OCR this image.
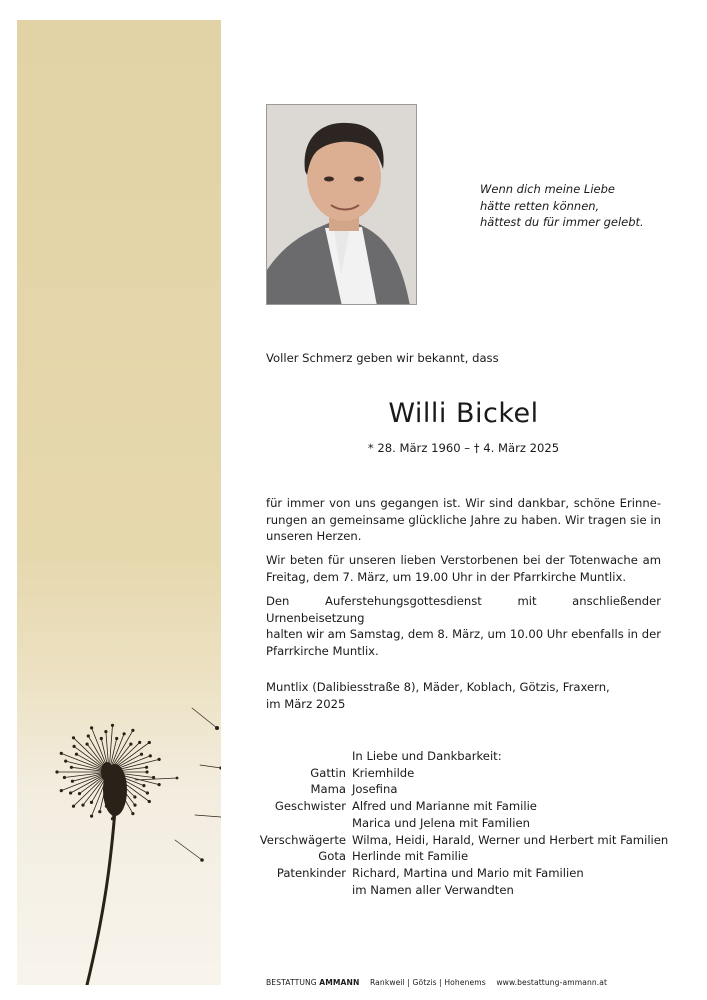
Wenn dich meine Liebe
hätte retten können,
hättest du für immer gelebt.
Voller Schmerz geben wir bekannt, dass
Willi Bickel
* 28. März 1960 – † 4. März 2025
für immer von uns gegangen ist. Wir sind dankbar, schöne Erinne-
rungen an gemeinsame glückliche Jahre zu haben. Wir tragen sie in
unseren Herzen.
Wir beten für unseren lieben Verstorbenen bei der Totenwache am
Freitag, dem 7. März, um 19.00 Uhr in der Pfarrkirche Muntlix.
Den Auferstehungsgottesdienst mit anschließender Urnenbeisetzung
halten wir am Samstag, dem 8. März, um 10.00 Uhr ebenfalls in der
Pfarrkirche Muntlix.
Muntlix (Dalibiesstraße 8), Mäder, Koblach, Götzis, Fraxern,
im März 2025
In Liebe und Dankbarkeit:
Gattin Kriemhilde
Mama Josefina
Geschwister Alfred und Marianne mit Familie
Marica und Jelena mit Familien
Verschwägerte Wilma, Heidi, Harald, Werner und Herbert mit Familien
Gota Herlinde mit Familie
Patenkinder Richard, Martina und Mario mit Familien
im Namen aller Verwandten
BESTATTUNG AMMANN Rankweil | Götzis | Hohenems www.bestattung-ammann.at
